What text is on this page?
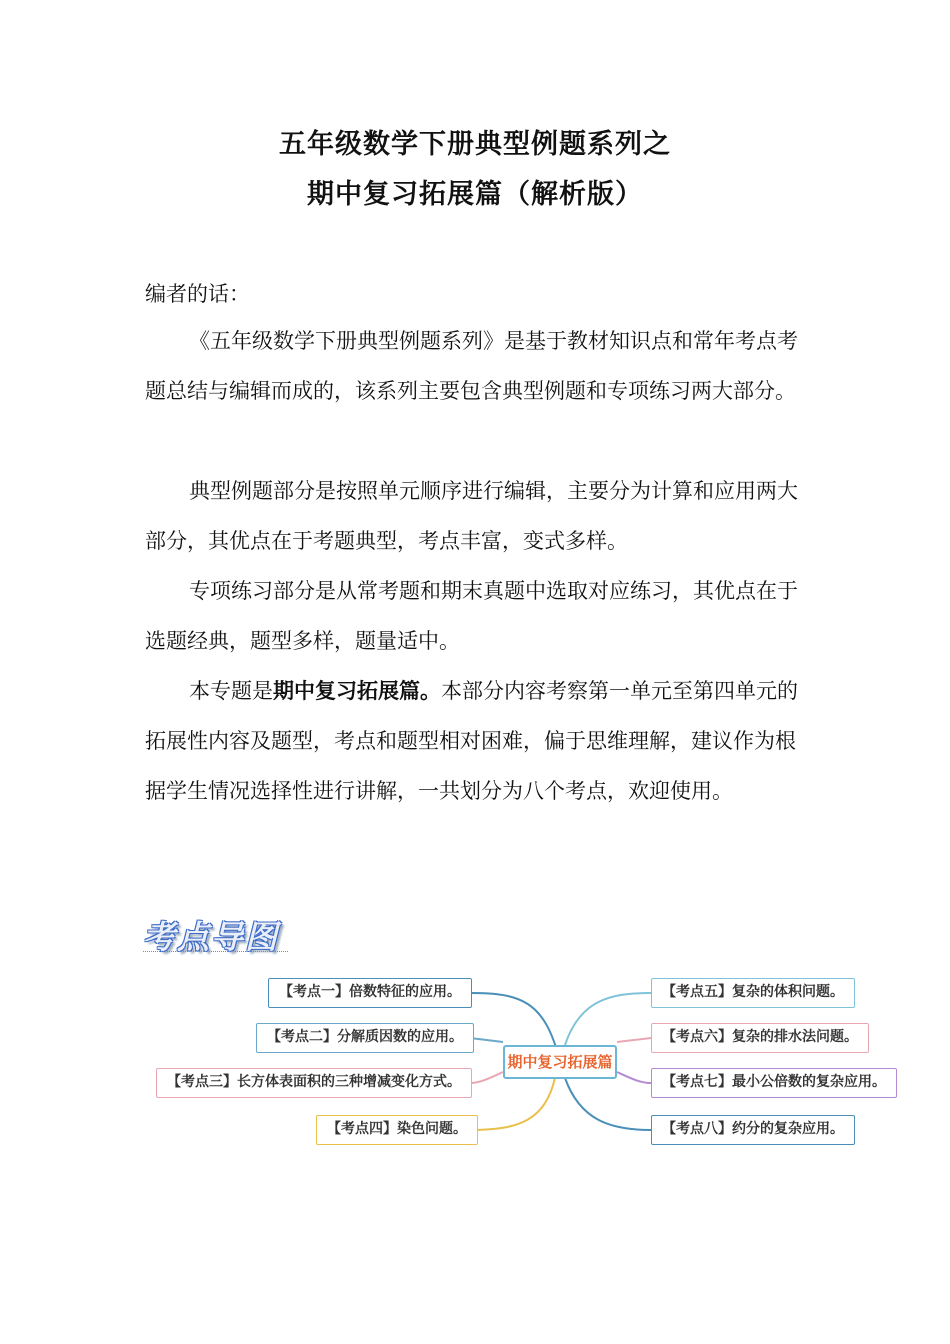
五年级数学下册典型例题系列之
期中复习拓展篇（解析版）
编者的话：

《五年级数学下册典型例题系列》是基于教材知识点和常年考点考题总结与编辑而成的，该系列主要包含典型例题和专项练习两大部分。

典型例题部分是按照单元顺序进行编辑，主要分为计算和应用两大部分，其优点在于考题典型，考点丰富，变式多样。

专项练习部分是从常考题和期末真题中选取对应练习，其优点在于选题经典，题型多样，题量适中。

本专题是期中复习拓展篇。本部分内容考察第一单元至第四单元的拓展性内容及题型，考点和题型相对困难，偏于思维理解，建议作为根据学生情况选择性进行讲解，一共划分为八个考点，欢迎使用。

考点导图
期中复习拓展篇
【考点一】倍数特征的应用。
【考点二】分解质因数的应用。
【考点三】长方体表面积的三种增减变化方式。
【考点四】染色问题。
【考点五】复杂的体积问题。
【考点六】复杂的排水法问题。
【考点七】最小公倍数的复杂应用。
【考点八】约分的复杂应用。
